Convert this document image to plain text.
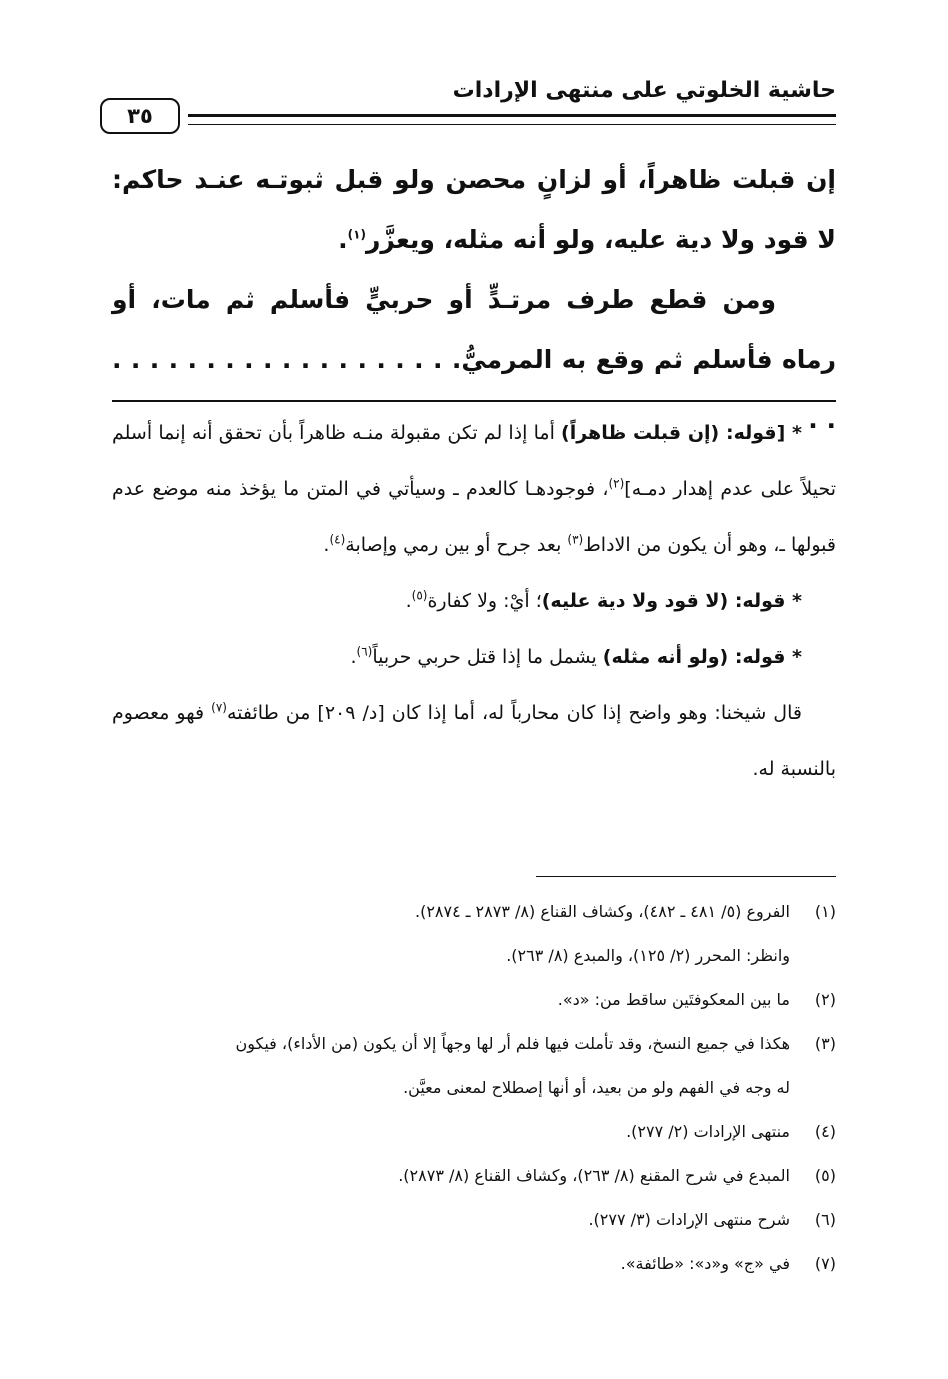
حاشية الخلوتي على منتهى الإرادات
٣٥

إن قبلت ظاهراً، أو لزانٍ محصن ولو قبل ثبوتـه عنـد حاكم: لا قود ولا دية عليه، ولو أنه مثله، ويعزَّر$^{(١)}$.

ومن قطع طرف مرتـدٍّ أو حربيٍّ فأسلم ثم مات، أو رماه فأسلم ثم وقع به المرميُّ. . . . . . . . . . . . . . . . . . . . .

* [قوله: (إن قبلت ظاهراً) أما إذا لم تكن مقبولة منـه ظاهراً بأن تحقق أنه إنما أسلم تحيلاً على عدم إهدار دمـه]$^{(٢)}$، فوجودهـا كالعدم ـ وسيأتي في المتن ما يؤخذ منه موضع عدم قبولها ـ، وهو أن يكون من الاداط$^{(٣)}$ بعد جرح أو بين رمي وإصابة$^{(٤)}$.

* قوله: (لا قود ولا دية عليه)؛ أيْ: ولا كفارة$^{(٥)}$.

* قوله: (ولو أنه مثله) يشمل ما إذا قتل حربي حربياً$^{(٦)}$.

قال شيخنا: وهو واضح إذا كان محارباً له، أما إذا كان [د/ ٢٠٩] من طائفته$^{(٧)}$ فهو معصوم بالنسبة له.

(١)
الفروع (٥/ ٤٨١ ـ ٤٨٢)، وكشاف القناع (٨/ ٢٨٧٣ ـ ٢٨٧٤).
وانظر: المحرر (٢/ ١٢٥)، والمبدع (٨/ ٢٦٣).
(٢)
ما بين المعكوفتَين ساقط من: «د».
(٣)
هكذا في جميع النسخ، وقد تأملت فيها فلم أر لها وجهاً إلا أن يكون (من الأداء)، فيكون
له وجه في الفهم ولو من بعيد، أو أنها إصطلاح لمعنى معيَّن.
(٤)
منتهى الإرادات (٢/ ٢٧٧).
(٥)
المبدع في شرح المقنع (٨/ ٢٦٣)، وكشاف القناع (٨/ ٢٨٧٣).
(٦)
شرح منتهى الإرادات (٣/ ٢٧٧).
(٧)
في «ج» و«د»: «طائفة».
